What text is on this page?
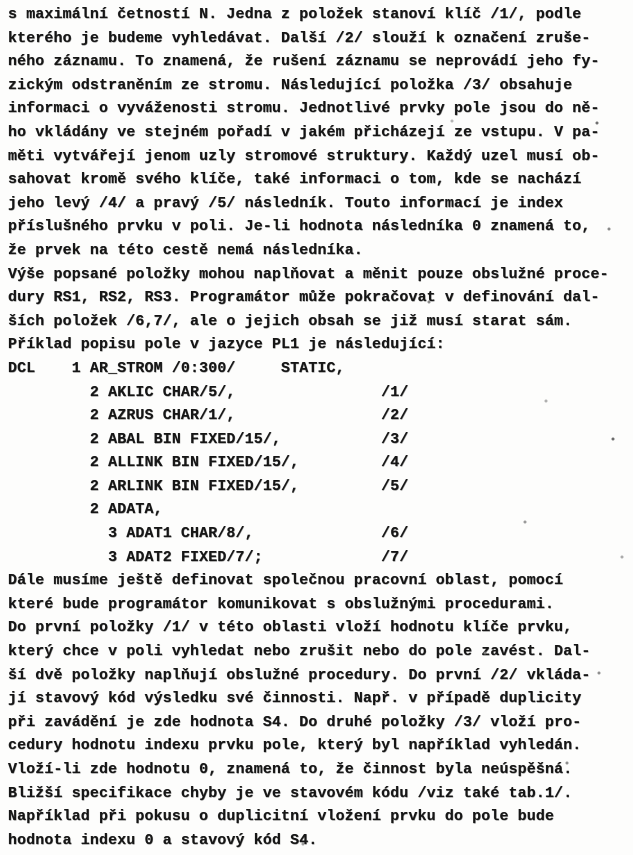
s maximální četností N. Jedna z položek stanoví klíč /1/, podle
kterého je budeme vyhledávat. Další /2/ slouží k označení zruše-
ného záznamu. To znamená, že rušení záznamu se neprovádí jeho fy-
zickým odstraněním ze stromu. Následující položka /3/ obsahuje
informaci o vyváženosti stromu. Jednotlivé prvky pole jsou do ně-
ho vkládány ve stejném pořadí v jakém přicházejí ze vstupu. V pa-
měti vytvářejí jenom uzly stromové struktury. Každý uzel musí ob-
sahovat kromě svého klíče, také informaci o tom, kde se nachází
jeho levý /4/ a pravý /5/ následník. Touto informací je index
příslušného prvku v poli. Je-li hodnota následníka 0 znamená to,
že prvek na této cestě nemá následníka.
Výše popsané položky mohou naplňovat a měnit pouze obslužné proce-
dury RS1, RS2, RS3. Programátor může pokračovat v definování dal-
ších položek /6,7/, ale o jejich obsah se již musí starat sám.
Příklad popisu pole v jazyce PL1 je následující:
DCL    1 AR_STROM /0:300/     STATIC,
2 AKLIC CHAR/5/,                /1/
2 AZRUS CHAR/1/,                /2/
2 ABAL BIN FIXED/15/,           /3/
2 ALLINK BIN FIXED/15/,         /4/
2 ARLINK BIN FIXED/15/,         /5/
2 ADATA,
3 ADAT1 CHAR/8/,              /6/
3 ADAT2 FIXED/7/;             /7/
Dále musíme ještě definovat společnou pracovní oblast, pomocí
které bude programátor komunikovat s obslužnými procedurami.
Do první položky /1/ v této oblasti vloží hodnotu klíče prvku,
který chce v poli vyhledat nebo zrušit nebo do pole zavést. Dal-
ší dvě položky naplňují obslužné procedury. Do první /2/ vkláda-
jí stavový kód výsledku své činnosti. Např. v případě duplicity
při zavádění je zde hodnota S4. Do druhé položky /3/ vloží pro-
cedury hodnotu indexu prvku pole, který byl například vyhledán.
Vloží-li zde hodnotu 0, znamená to, že činnost byla neúspěšná.
Bližší specifikace chyby je ve stavovém kódu /viz také tab.1/.
Například při pokusu o duplicitní vložení prvku do pole bude
hodnota indexu 0 a stavový kód S4.
